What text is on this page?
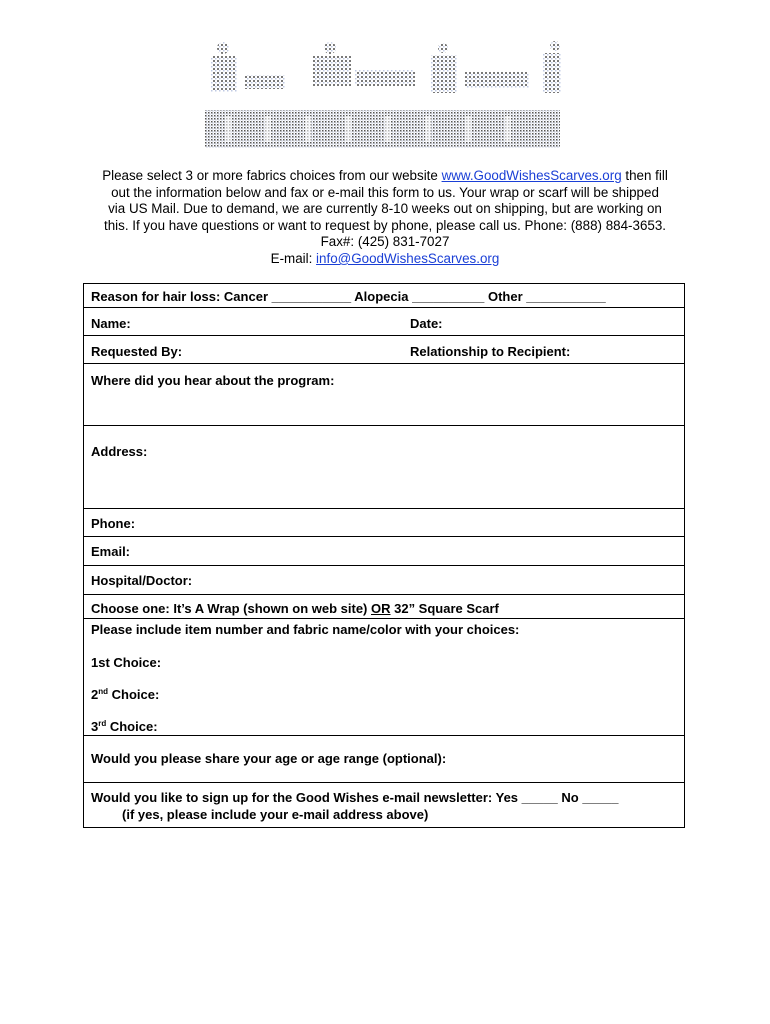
Please select 3 or more fabrics choices from our website www.GoodWishesScarves.org then fill
out the information below and fax or e-mail this form to us. Your wrap or scarf will be shipped
via US Mail. Due to demand, we are currently 8-10 weeks out on shipping, but are working on
this. If you have questions or want to request by phone, please call us. Phone: (888) 884-3653.
Fax#: (425) 831-7027
E-mail: info@GoodWishesScarves.org
Reason for hair loss: Cancer ___________ Alopecia __________ Other ___________
Name:	Date:
Requested By:	Relationship to Recipient:
Where did you hear about the program:
Address:
Phone:
Email:
Hospital/Doctor:
Choose one: It’s A Wrap (shown on web site) OR 32” Square Scarf
Please include item number and fabric name/color with your choices:
1st Choice:
2nd Choice:
3rd Choice:
Would you please share your age or age range (optional):
Would you like to sign up for the Good Wishes e-mail newsletter: Yes _____ No _____
(if yes, please include your e-mail address above)
